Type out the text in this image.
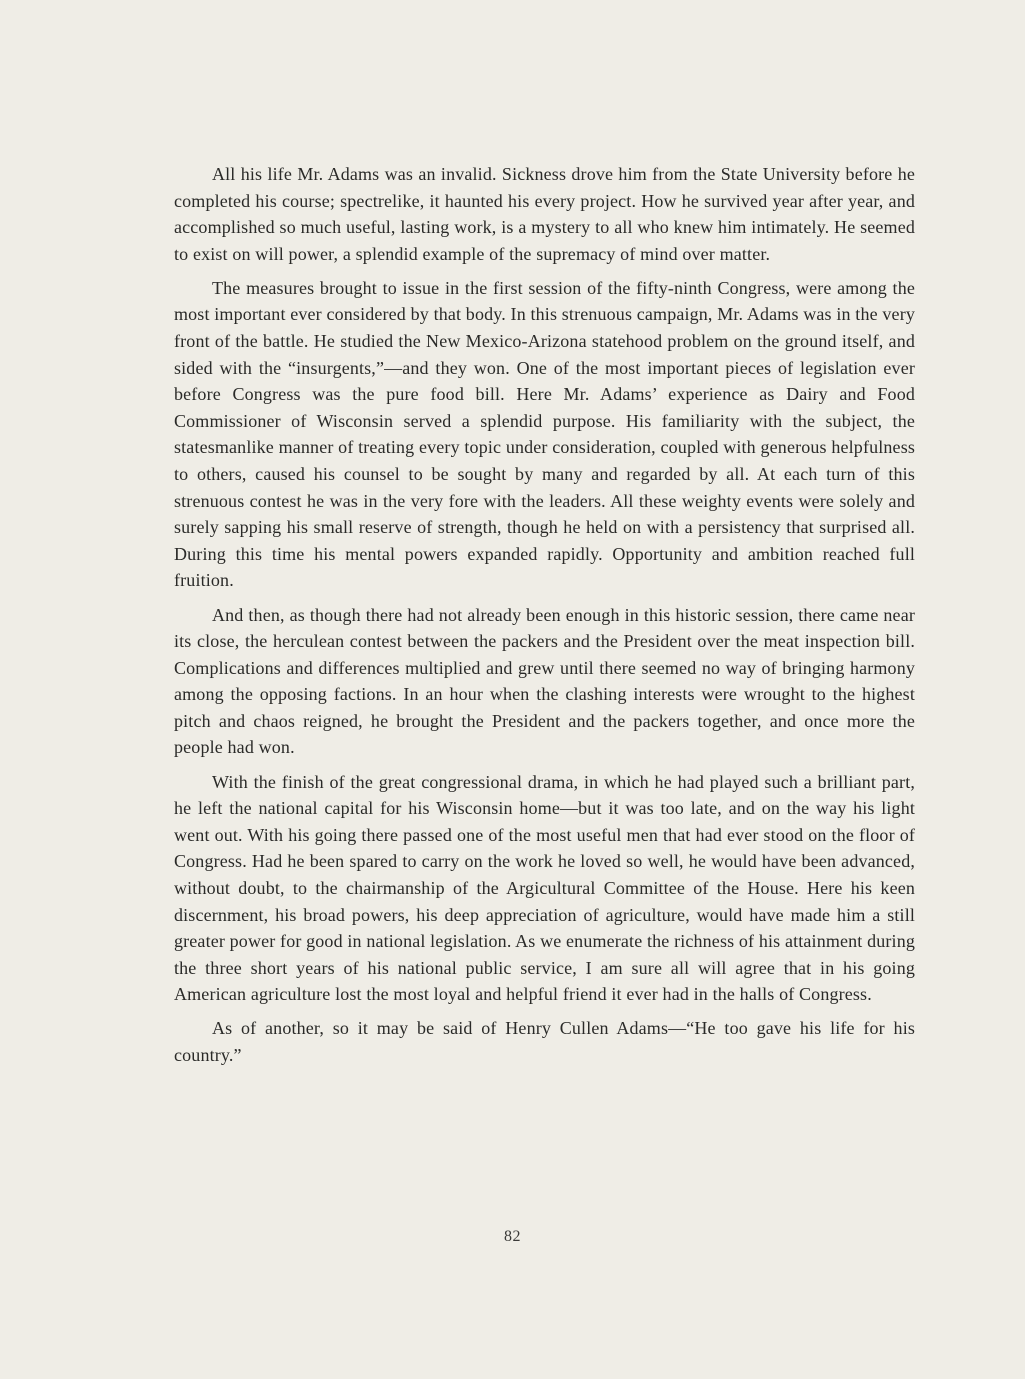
All his life Mr. Adams was an invalid. Sickness drove him from the State University before he completed his course; spectrelike, it haunted his every project. How he survived year after year, and accomplished so much useful, lasting work, is a mystery to all who knew him intimately. He seemed to exist on will power, a splendid example of the supremacy of mind over matter.

The measures brought to issue in the first session of the fifty-ninth Congress, were among the most important ever considered by that body. In this strenuous campaign, Mr. Adams was in the very front of the battle. He studied the New Mexico-Arizona statehood problem on the ground itself, and sided with the “insurgents,”—and they won. One of the most important pieces of legislation ever before Congress was the pure food bill. Here Mr. Adams’ experience as Dairy and Food Commissioner of Wisconsin served a splendid purpose. His familiarity with the subject, the statesmanlike manner of treating every topic under consideration, coupled with generous helpfulness to others, caused his counsel to be sought by many and regarded by all. At each turn of this strenuous contest he was in the very fore with the leaders. All these weighty events were solely and surely sapping his small reserve of strength, though he held on with a persistency that surprised all. During this time his mental powers expanded rapidly. Opportunity and ambition reached full fruition.

And then, as though there had not already been enough in this historic session, there came near its close, the herculean contest between the packers and the President over the meat inspection bill. Complications and differences multiplied and grew until there seemed no way of bringing harmony among the opposing factions. In an hour when the clashing interests were wrought to the highest pitch and chaos reigned, he brought the President and the packers together, and once more the people had won.

With the finish of the great congressional drama, in which he had played such a brilliant part, he left the national capital for his Wisconsin home—but it was too late, and on the way his light went out. With his going there passed one of the most useful men that had ever stood on the floor of Congress. Had he been spared to carry on the work he loved so well, he would have been advanced, without doubt, to the chairmanship of the Argicultural Committee of the House. Here his keen discernment, his broad powers, his deep appreciation of agriculture, would have made him a still greater power for good in national legislation. As we enumerate the richness of his attainment during the three short years of his national public service, I am sure all will agree that in his going American agriculture lost the most loyal and helpful friend it ever had in the halls of Congress.

As of another, so it may be said of Henry Cullen Adams—“He too gave his life for his country.”

82
